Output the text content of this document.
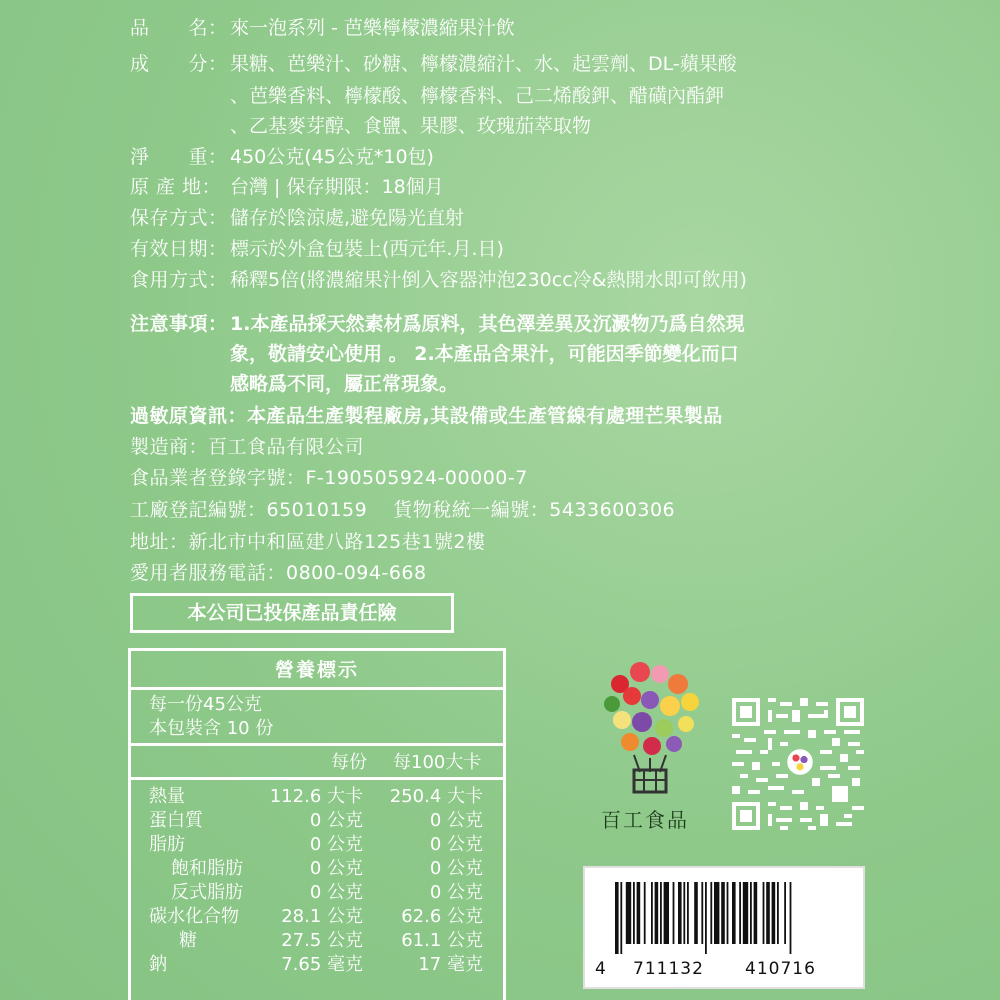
品　　名： 來一泡系列 - 芭樂檸檬濃縮果汁飲
成　　分： 果糖、芭樂汁、砂糖、檸檬濃縮汁、水、起雲劑、DL-蘋果酸
、芭樂香料、檸檬酸、檸檬香料、己二烯酸鉀、醋磺內酯鉀
、乙基麥芽醇、食鹽、果膠、玫瑰茄萃取物
淨　　重： 450公克(45公克*10包)
原 產 地： 台灣 | 保存期限：18個月
保存方式： 儲存於陰涼處,避免陽光直射
有效日期： 標示於外盒包裝上(西元年.月.日)
食用方式： 稀釋5倍(將濃縮果汁倒入容器沖泡230cc冷&熱開水即可飲用)
注意事項： 1.本產品採天然素材爲原料，其色澤差異及沉澱物乃爲自然現
象，敬請安心使用 。 2.本產品含果汁，可能因季節變化而口
感略爲不同，屬正常現象。
過敏原資訊：本產品生產製程廠房,其設備或生產管線有處理芒果製品
製造商：百工食品有限公司
食品業者登錄字號：F-190505924-00000-7
工廠登記編號：65010159　 貨物稅統一編號：5433600306
地址：新北市中和區建八路125巷1號2樓
愛用者服務電話：0800-094-668
本公司已投保產品責任險
營養標示
每一份45公克
本包裝含 10 份
每份 每100大卡
熱量	112.6 大卡 250.4 大卡
蛋白質	0 公克	0 公克
脂肪	0 公克	0 公克
飽和脂肪	0 公克	0 公克
反式脂肪	0 公克	0 公克
碳水化合物 28.1 公克 62.6 公克
糖	27.5 公克 61.1 公克
鈉	7.65 毫克	17 毫克
百工食品
4 711132 410716
